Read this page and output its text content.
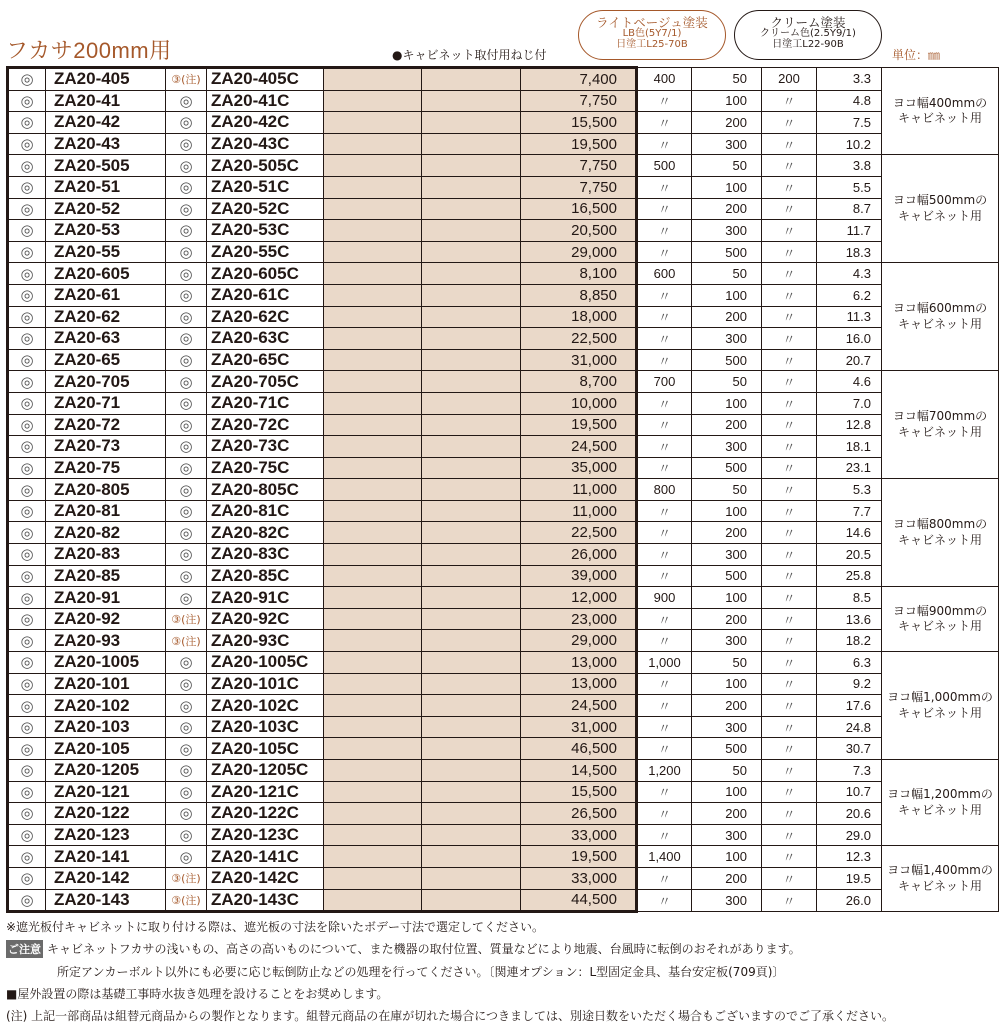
フカサ200mm用	●キャビネット取付用ねじ付
ライトベージュ塗装
LB色(5Y7/1)
日塗工L25-70B
クリーム塗装
クリーム色(2.5Y9/1)
日塗工L22-90B
単位：㎜
◎	ZA20-405	③(注)	ZA20-405C			7,400	400	50	200	3.3	ヨコ幅400mmの
キャビネット用

◎	ZA20-41	◎	ZA20-41C			7,750	〃	100	〃	4.8	
◎	ZA20-42	◎	ZA20-42C			15,500	〃	200	〃	7.5	
◎	ZA20-43	◎	ZA20-43C			19,500	〃	300	〃	10.2	
◎	ZA20-505	◎	ZA20-505C			7,750	500	50	〃	3.8	ヨコ幅500mmの
キャビネット用

◎	ZA20-51	◎	ZA20-51C			7,750	〃	100	〃	5.5	
◎	ZA20-52	◎	ZA20-52C			16,500	〃	200	〃	8.7	
◎	ZA20-53	◎	ZA20-53C			20,500	〃	300	〃	11.7	
◎	ZA20-55	◎	ZA20-55C			29,000	〃	500	〃	18.3	
◎	ZA20-605	◎	ZA20-605C			8,100	600	50	〃	4.3	ヨコ幅600mmの
キャビネット用

◎	ZA20-61	◎	ZA20-61C			8,850	〃	100	〃	6.2	
◎	ZA20-62	◎	ZA20-62C			18,000	〃	200	〃	11.3	
◎	ZA20-63	◎	ZA20-63C			22,500	〃	300	〃	16.0	
◎	ZA20-65	◎	ZA20-65C			31,000	〃	500	〃	20.7	
◎	ZA20-705	◎	ZA20-705C			8,700	700	50	〃	4.6	ヨコ幅700mmの
キャビネット用

◎	ZA20-71	◎	ZA20-71C			10,000	〃	100	〃	7.0	
◎	ZA20-72	◎	ZA20-72C			19,500	〃	200	〃	12.8	
◎	ZA20-73	◎	ZA20-73C			24,500	〃	300	〃	18.1	
◎	ZA20-75	◎	ZA20-75C			35,000	〃	500	〃	23.1	
◎	ZA20-805	◎	ZA20-805C			11,000	800	50	〃	5.3	ヨコ幅800mmの
キャビネット用

◎	ZA20-81	◎	ZA20-81C			11,000	〃	100	〃	7.7	
◎	ZA20-82	◎	ZA20-82C			22,500	〃	200	〃	14.6	
◎	ZA20-83	◎	ZA20-83C			26,000	〃	300	〃	20.5	
◎	ZA20-85	◎	ZA20-85C			39,000	〃	500	〃	25.8	
◎	ZA20-91	◎	ZA20-91C			12,000	900	100	〃	8.5	ヨコ幅900mmの
キャビネット用

◎	ZA20-92	③(注)	ZA20-92C			23,000	〃	200	〃	13.6	
◎	ZA20-93	③(注)	ZA20-93C			29,000	〃	300	〃	18.2	
◎	ZA20-1005	◎	ZA20-1005C			13,000	1,000	50	〃	6.3	ヨコ幅1,000mmの
キャビネット用

◎	ZA20-101	◎	ZA20-101C			13,000	〃	100	〃	9.2	
◎	ZA20-102	◎	ZA20-102C			24,500	〃	200	〃	17.6	
◎	ZA20-103	◎	ZA20-103C			31,000	〃	300	〃	24.8	
◎	ZA20-105	◎	ZA20-105C			46,500	〃	500	〃	30.7	
◎	ZA20-1205	◎	ZA20-1205C			14,500	1,200	50	〃	7.3	ヨコ幅1,200mmの
キャビネット用

◎	ZA20-121	◎	ZA20-121C			15,500	〃	100	〃	10.7	
◎	ZA20-122	◎	ZA20-122C			26,500	〃	200	〃	20.6	
◎	ZA20-123	◎	ZA20-123C			33,000	〃	300	〃	29.0	
◎	ZA20-141	◎	ZA20-141C			19,500	1,400	100	〃	12.3	ヨコ幅1,400mmの
キャビネット用

◎	ZA20-142	③(注)	ZA20-142C			33,000	〃	200	〃	19.5	
◎	ZA20-143	③(注)	ZA20-143C			44,500	〃	300	〃	26.0	
※遮光板付キャビネットに取り付ける際は、遮光板の寸法を除いたボデー寸法で選定してください。
ご注意 キャビネットフカサの浅いもの、高さの高いものについて、また機器の取付位置、質量などにより地震、台風時に転倒のおそれがあります。
所定アンカーボルト以外にも必要に応じ転倒防止などの処理を行ってください。〔関連オプション：L型固定金具、基台安定板(709頁)〕
■屋外設置の際は基礎工事時水抜き処理を設けることをお奨めします。
(注) 上記一部商品は組替元商品からの製作となります。組替元商品の在庫が切れた場合につきましては、別途日数をいただく場合もございますのでご了承ください。
